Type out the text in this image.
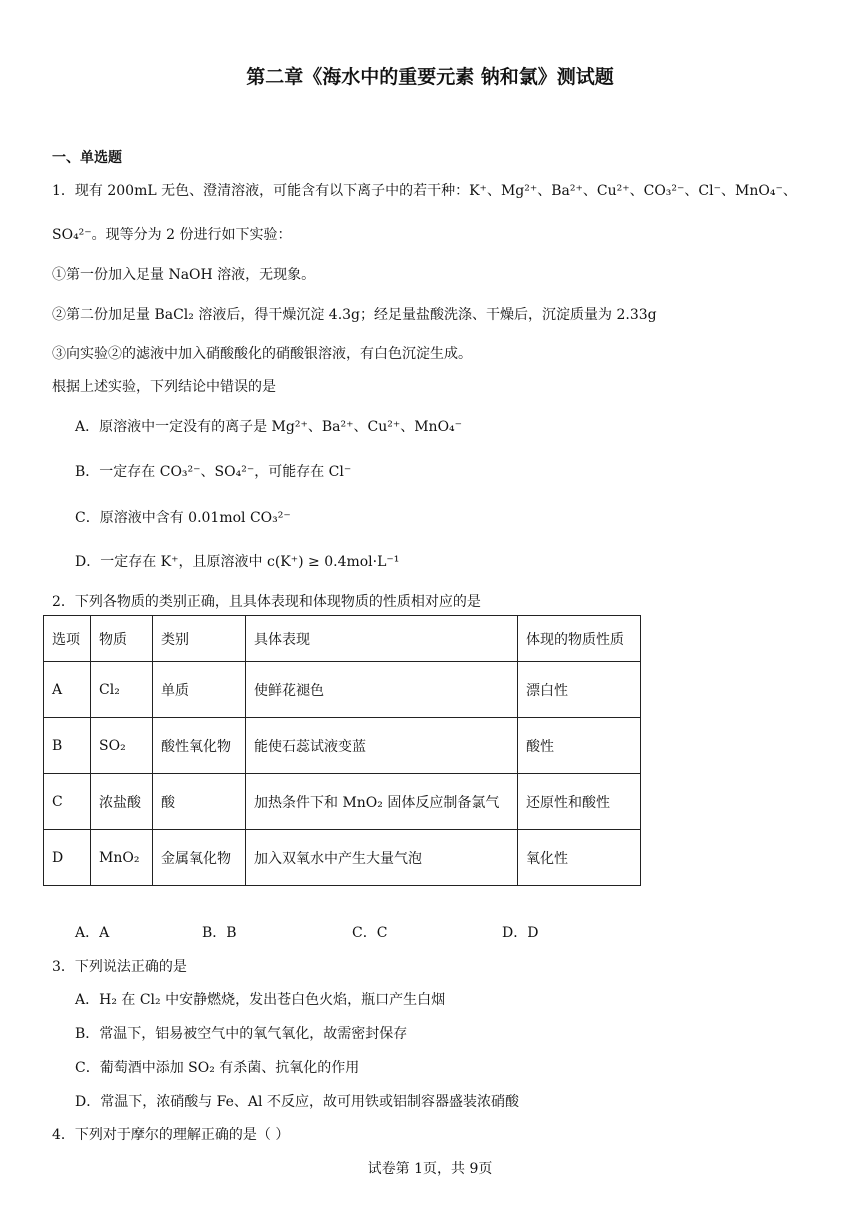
第二章《海水中的重要元素 钠和氯》测试题
一、单选题
1．现有 200mL 无色、澄清溶液，可能含有以下离子中的若干种：K⁺、Mg²⁺、Ba²⁺、Cu²⁺、CO₃²⁻、Cl⁻、MnO₄⁻、
SO₄²⁻。现等分为 2 份进行如下实验：
①第一份加入足量 NaOH 溶液，无现象。
②第二份加足量 BaCl₂ 溶液后，得干燥沉淀 4.3g；经足量盐酸洗涤、干燥后，沉淀质量为 2.33g
③向实验②的滤液中加入硝酸酸化的硝酸银溶液，有白色沉淀生成。
根据上述实验，下列结论中错误的是
A．原溶液中一定没有的离子是 Mg²⁺、Ba²⁺、Cu²⁺、MnO₄⁻
B．一定存在 CO₃²⁻、SO₄²⁻，可能存在 Cl⁻
C．原溶液中含有 0.01mol CO₃²⁻
D．一定存在 K⁺，且原溶液中 c(K⁺) ≥ 0.4mol·L⁻¹
2．下列各物质的类别正确，且具体表现和体现物质的性质相对应的是
选项	物质	类别	具体表现	体现的物质性质
A	Cl₂	单质	使鲜花褪色	漂白性
B	SO₂	酸性氧化物	能使石蕊试液变蓝	酸性
C	浓盐酸	酸	加热条件下和 MnO₂ 固体反应制备氯气	还原性和酸性
D	MnO₂	金属氧化物	加入双氧水中产生大量气泡	氧化性
A．A	B．B	C．C	D．D
3．下列说法正确的是
A．H₂ 在 Cl₂ 中安静燃烧，发出苍白色火焰，瓶口产生白烟
B．常温下，铝易被空气中的氧气氧化，故需密封保存
C．葡萄酒中添加 SO₂ 有杀菌、抗氧化的作用
D．常温下，浓硝酸与 Fe、Al 不反应，故可用铁或铝制容器盛装浓硝酸
4．下列对于摩尔的理解正确的是（ ）
试卷第 1页，共 9页
